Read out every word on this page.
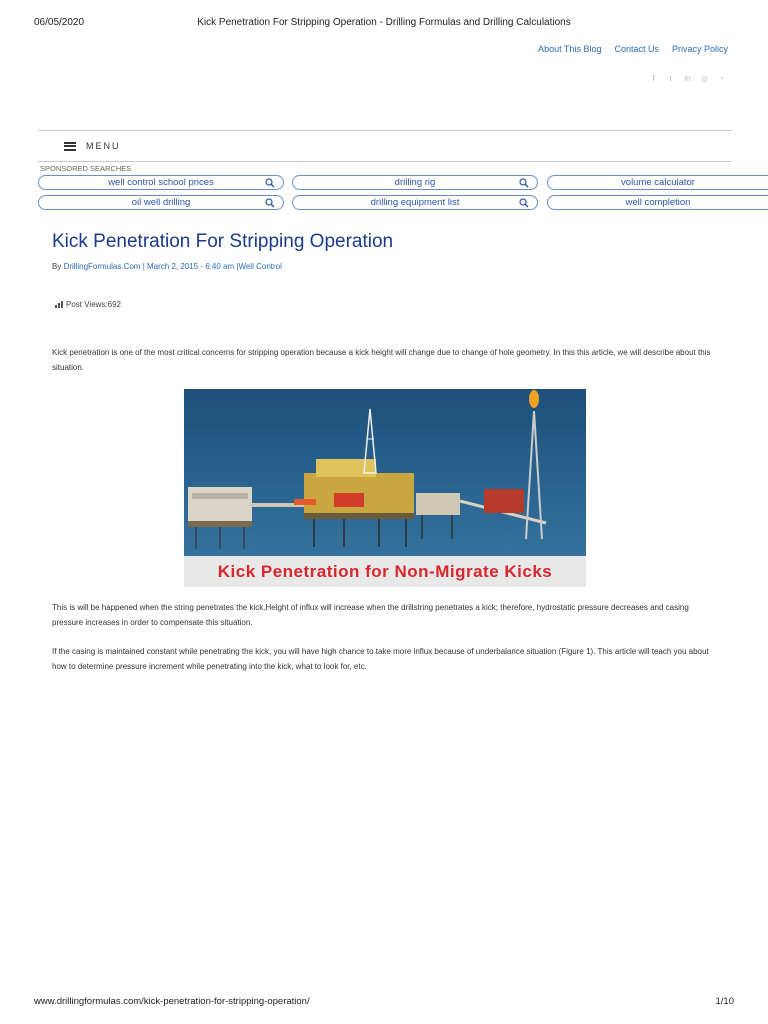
06/05/2020	Kick Penetration For Stripping Operation - Drilling Formulas and Drilling Calculations
About This Blog Contact Us Privacy Policy
f	t	in ◎ ◔
MENU
SPONSORED SEARCHES
well control school prices	drilling rig	volume calculator
oil well drilling	drilling equipment list	well completion
Kick Penetration For Stripping Operation
By DrillingFormulas.Com | March 2, 2015 - 6:40 am |Well Control
Post Views:692
Kick penetration is one of the most critical concerns for stripping operation because a kick height will change due to change of hole geometry. In this this article, we will describe about this situation.
Kick Penetration for Non-Migrate Kicks
This is will be happened when the string penetrates the kick.Height of influx will increase when the drillstring penetrates a kick; therefore, hydrostatic pressure decreases and casing pressure increases in order to compensate this situation.
If the casing is maintained constant while penetrating the kick, you will have high chance to take more influx because of underbalance situation (Figure 1). This article will teach you about how to determine pressure increment while penetrating into the kick, what to look for, etc.
www.drillingformulas.com/kick-penetration-for-stripping-operation/	1/10
